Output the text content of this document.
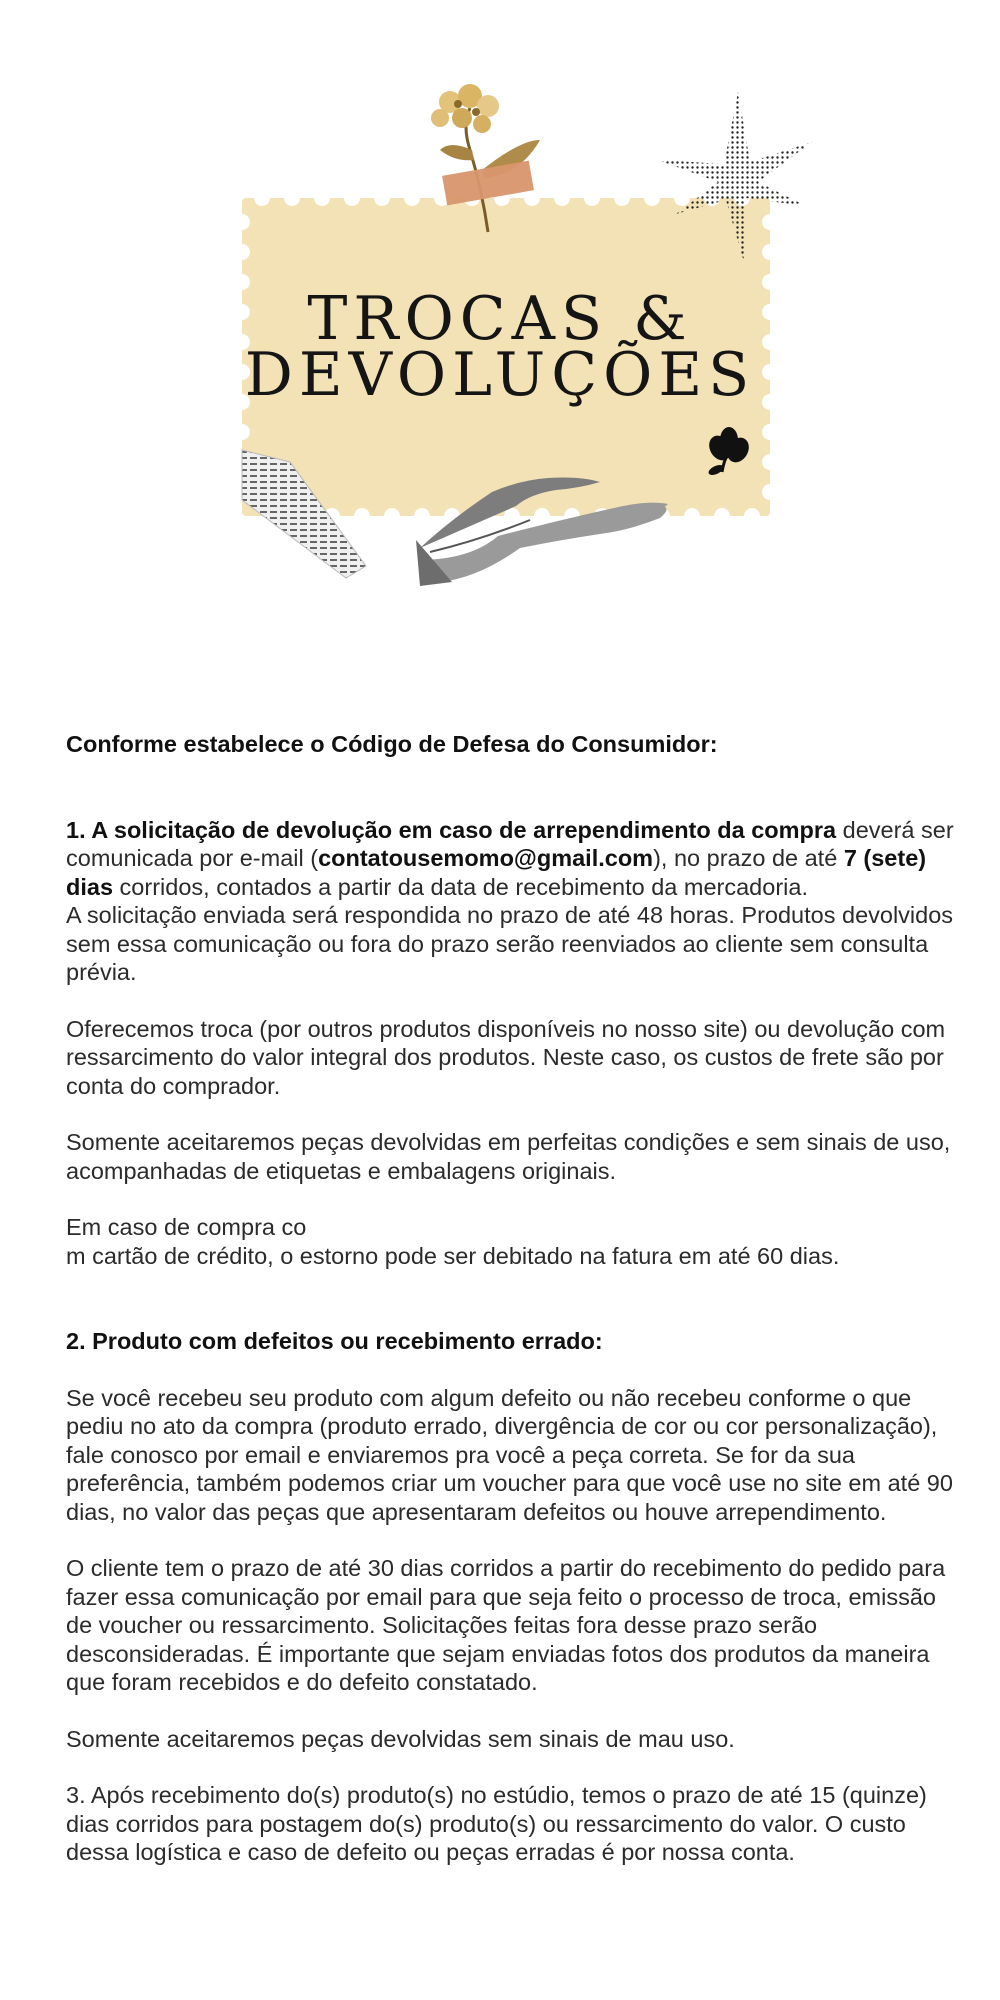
TROCAS &
DEVOLUÇÕES

Conforme estabelece o Código de Defesa do Consumidor:

1. A solicitação de devolução em caso de arrependimento da compra deverá ser comunicada por e-mail (contatousemomo@gmail.com), no prazo de até 7 (sete) dias corridos, contados a partir da data de recebimento da mercadoria.
A solicitação enviada será respondida no prazo de até 48 horas. Produtos devolvidos sem essa comunicação ou fora do prazo serão reenviados ao cliente sem consulta prévia.

Oferecemos troca (por outros produtos disponíveis no nosso site) ou devolução com ressarcimento do valor integral dos produtos. Neste caso, os custos de frete são por conta do comprador.

Somente aceitaremos peças devolvidas em perfeitas condições e sem sinais de uso, acompanhadas de etiquetas e embalagens originais.

Em caso de compra co
m cartão de crédito, o estorno pode ser debitado na fatura em até 60 dias.

2. Produto com defeitos ou recebimento errado:

Se você recebeu seu produto com algum defeito ou não recebeu conforme o que pediu no ato da compra (produto errado, divergência de cor ou cor personalização), fale conosco por email e enviaremos pra você a peça correta. Se for da sua preferência, também podemos criar um voucher para que você use no site em até 90 dias, no valor das peças que apresentaram defeitos ou houve arrependimento.

O cliente tem o prazo de até 30 dias corridos a partir do recebimento do pedido para fazer essa comunicação por email para que seja feito o processo de troca, emissão de voucher ou ressarcimento. Solicitações feitas fora desse prazo serão desconsideradas. É importante que sejam enviadas fotos dos produtos da maneira que foram recebidos e do defeito constatado.

Somente aceitaremos peças devolvidas sem sinais de mau uso.

3. Após recebimento do(s) produto(s) no estúdio, temos o prazo de até 15 (quinze) dias corridos para postagem do(s) produto(s) ou ressarcimento do valor. O custo dessa logística e caso de defeito ou peças erradas é por nossa conta.
